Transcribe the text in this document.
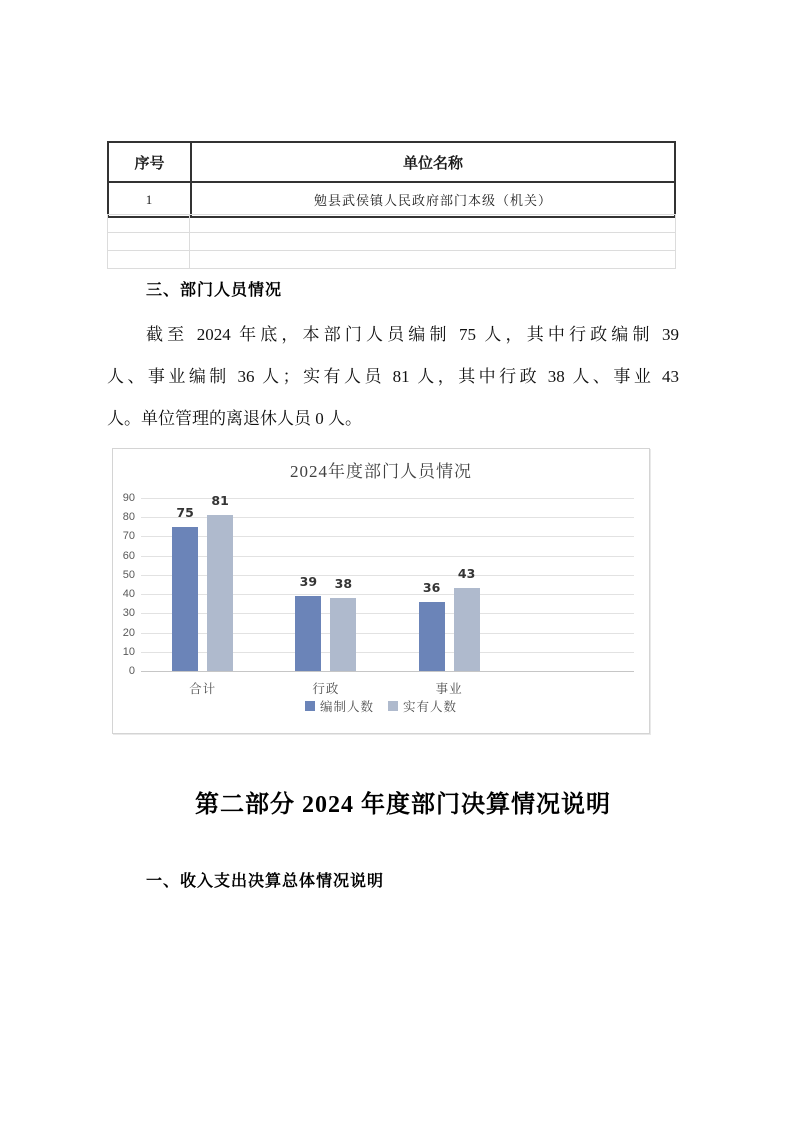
序号	单位名称
1	勉县武侯镇人民政府部门本级（机关）

三、部门人员情况
截至 2024 年底，本部门人员编制 75 人，其中行政编制 39
人、事业编制 36 人；实有人员 81 人，其中行政 38 人、事业 43
人。单位管理的离退休人员 0 人。
2024年度部门人员情况
0
10
20
30
40
50
60
70
80
90
75
81
合计
39	38
行政
36
43
事业
编制人数 实有人数
第二部分 2024 年度部门决算情况说明
一、收入支出决算总体情况说明
